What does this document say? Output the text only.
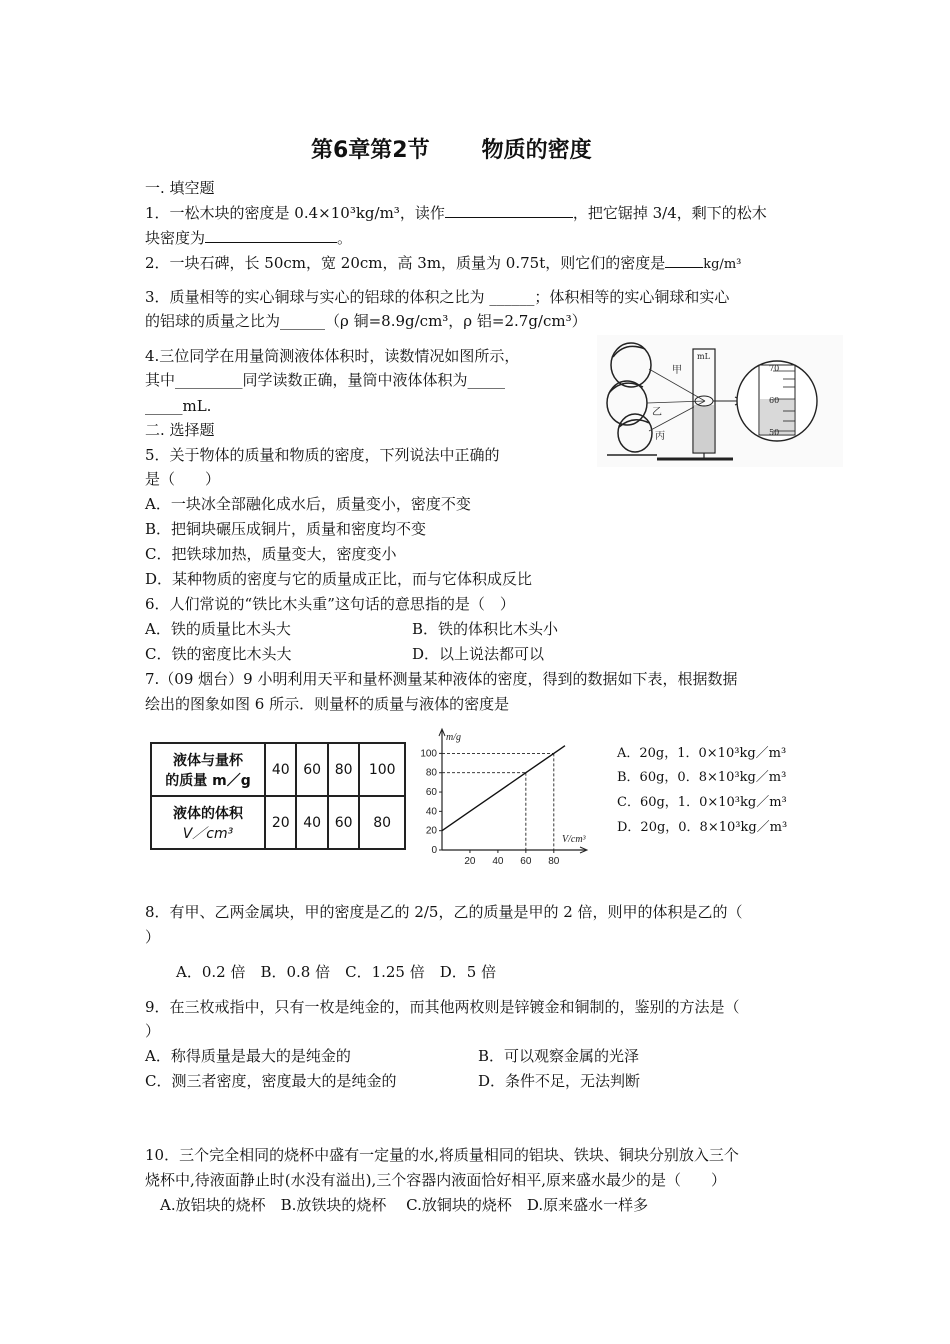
第6章第2节 物质的密度
一. 填空题
1．一松木块的密度是 0.4×10³kg/m³，读作	，把它锯掉 3/4，剩下的松木
块密度为	。
2．一块石碑，长 50cm，宽 20cm，高 3m，质量为 0.75t，则它们的密度是	kg/m³
3．质量相等的实心铜球与实心的铝球的体积之比为 ______；体积相等的实心铜球和实心
的铝球的质量之比为______（ρ 铜=8.9g/cm³，ρ 铝=2.7g/cm³）
4.三位同学在用量筒测液体体积时，读数情况如图所示，
其中_________同学读数正确，量筒中液体体积为_____
_____mL.
甲
乙
丙
mL
70
60
50
二. 选择题
5．关于物体的质量和物质的密度，下列说法中正确的
是（　　）
A．一块冰全部融化成水后，质量变小，密度不变
B．把铜块碾压成铜片，质量和密度均不变
C．把铁球加热，质量变大，密度变小
D．某种物质的密度与它的质量成正比，而与它体积成反比
6．人们常说的“铁比木头重”这句话的意思指的是（　）
A．铁的质量比木头大	B．铁的体积比木头小
C．铁的密度比木头大	D．以上说法都可以
7.（09 烟台）9 小明利用天平和量杯测量某种液体的密度，得到的数据如下表，根据数据
绘出的图象如图 6 所示．则量杯的质量与液体的密度是
液体与量杯
的质量 m／g	40	60	80	100

液体的体积
V／cm³	20	40	60	80
m/g
V/cm³
0
20
40
60
80
100
20 40 60 80
A．20g，1．0×10³kg／m³
B．60g，0．8×10³kg／m³
C．60g，1．0×10³kg／m³
D．20g，0．8×10³kg／m³
8．有甲、乙两金属块，甲的密度是乙的 2/5，乙的质量是甲的 2 倍，则甲的体积是乙的（
）
A．0.2 倍　B．0.8 倍　C．1.25 倍　D．5 倍
9．在三枚戒指中，只有一枚是纯金的，而其他两枚则是锌镀金和铜制的，鉴别的方法是（
）
A．称得质量是最大的是纯金的	B．可以观察金属的光泽
C．测三者密度，密度最大的是纯金的	D．条件不足，无法判断
10．三个完全相同的烧杯中盛有一定量的水,将质量相同的铝块、铁块、铜块分别放入三个
烧杯中,待液面静止时(水没有溢出),三个容器内液面恰好相平,原来盛水最少的是（　　）
A.放铝块的烧杯　B.放铁块的烧杯　 C.放铜块的烧杯　D.原来盛水一样多
